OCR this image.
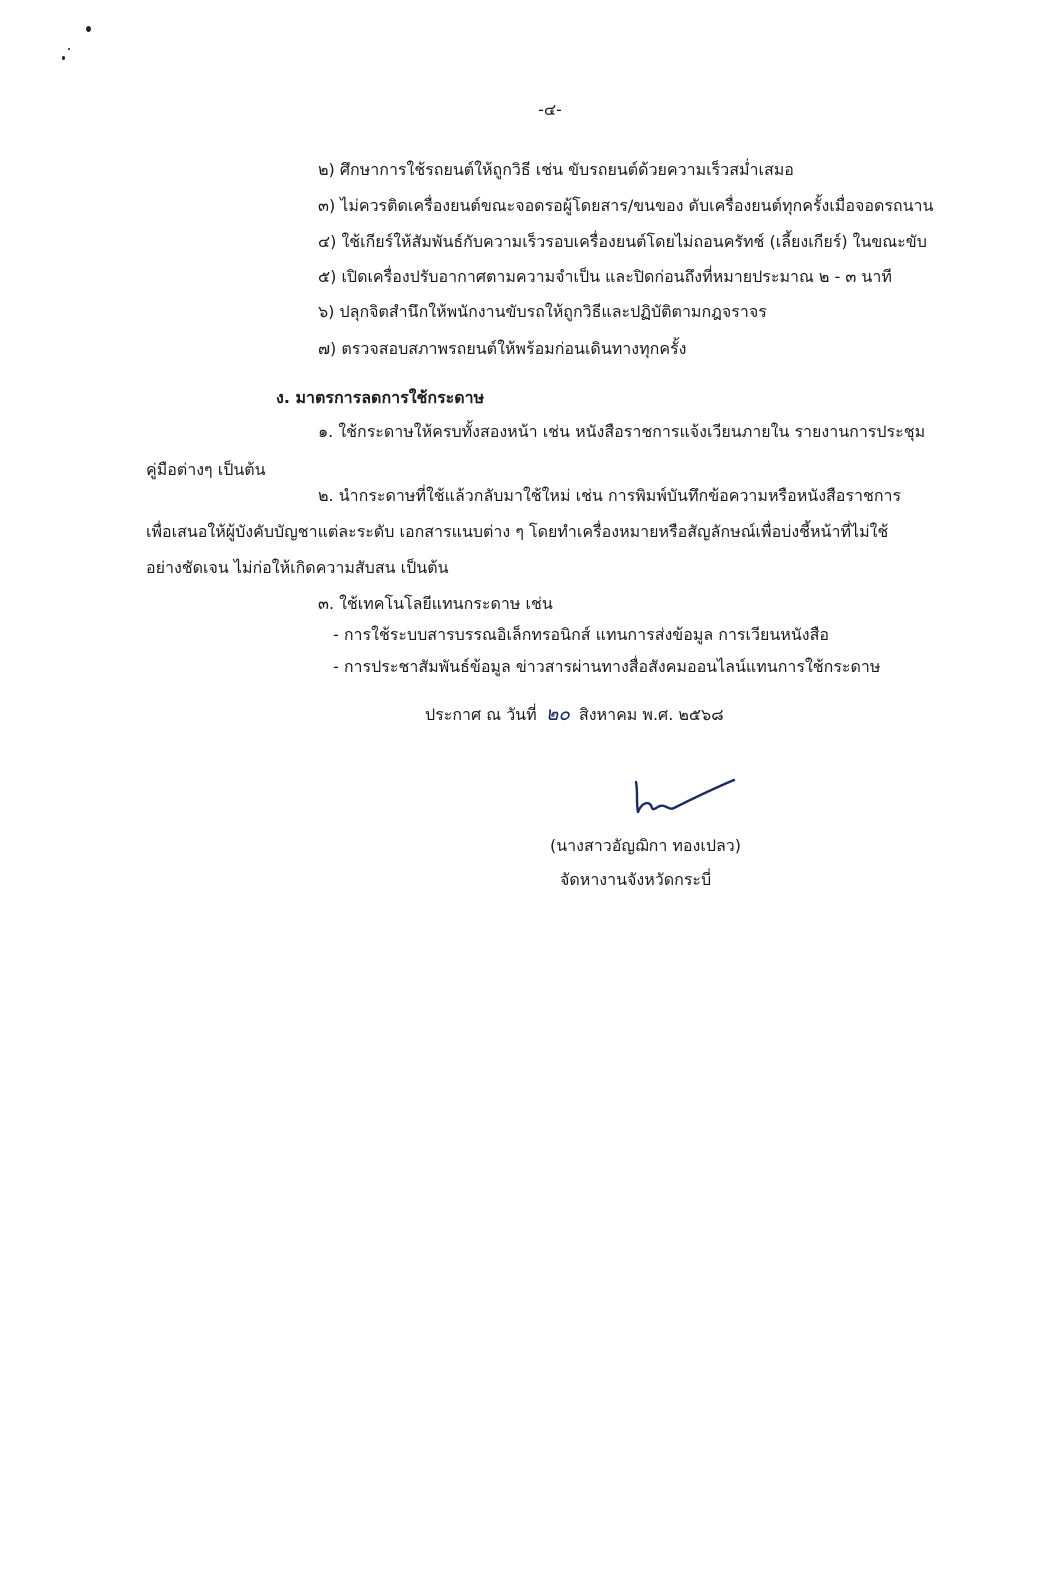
-๔-
๒) ศึกษาการใช้รถยนต์ให้ถูกวิธี เช่น ขับรถยนต์ด้วยความเร็วสม่ำเสมอ
๓) ไม่ควรติดเครื่องยนต์ขณะจอดรอผู้โดยสาร/ขนของ ดับเครื่องยนต์ทุกครั้งเมื่อจอดรถนาน
๔) ใช้เกียร์ให้สัมพันธ์กับความเร็วรอบเครื่องยนต์โดยไม่ถอนครัทช์ (เลี้ยงเกียร์) ในขณะขับ
๕) เปิดเครื่องปรับอากาศตามความจำเป็น และปิดก่อนถึงที่หมายประมาณ ๒ - ๓ นาที
๖) ปลุกจิตสำนึกให้พนักงานขับรถให้ถูกวิธีและปฏิบัติตามกฎจราจร
๗) ตรวจสอบสภาพรถยนต์ให้พร้อมก่อนเดินทางทุกครั้ง
ง. มาตรการลดการใช้กระดาษ
๑. ใช้กระดาษให้ครบทั้งสองหน้า เช่น หนังสือราชการแจ้งเวียนภายใน รายงานการประชุม
คู่มือต่างๆ เป็นต้น
๒. นำกระดาษที่ใช้แล้วกลับมาใช้ใหม่ เช่น การพิมพ์บันทึกข้อความหรือหนังสือราชการ
เพื่อเสนอให้ผู้บังคับบัญชาแต่ละระดับ เอกสารแนบต่าง ๆ โดยทำเครื่องหมายหรือสัญลักษณ์เพื่อบ่งชี้หน้าที่ไม่ใช้
อย่างชัดเจน ไม่ก่อให้เกิดความสับสน เป็นต้น
๓. ใช้เทคโนโลยีแทนกระดาษ เช่น
- การใช้ระบบสารบรรณอิเล็กทรอนิกส์ แทนการส่งข้อมูล การเวียนหนังสือ
- การประชาสัมพันธ์ข้อมูล ข่าวสารผ่านทางสื่อสังคมออนไลน์แทนการใช้กระดาษ
ประกาศ ณ วันที่ ๒๐ สิงหาคม พ.ศ. ๒๕๖๘
(นางสาวอัญฌิกา ทองเปลว)
จัดหางานจังหวัดกระบี่
